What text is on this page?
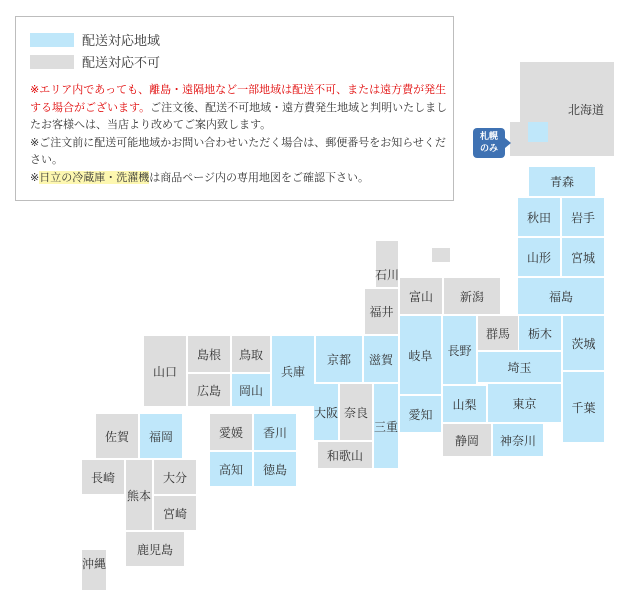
北海道
青森
秋田	岩手
山形	宮城
福島
石川
福井
富山	新潟
群馬	栃木
茨城
長野
岐阜
埼玉
山梨	東京	千葉
愛知
静岡	神奈川
京都	滋賀
兵庫
大阪 奈良
三重
和歌山
島根	鳥取
山口
広島	岡山
愛媛	香川
高知	徳島
佐賀	福岡
長崎	大分
熊本
宮崎
鹿児島
沖縄
札幌
のみ
配送対応地域
配送対応不可

※エリア内であっても、離島・遠隔地など一部地域は配送不可、または遠方費が発生する場合がございます。ご注文後、配送不可地域・遠方費発生地域と判明いたしましたお客様へは、当店より改めてご案内致します。

※ご注文前に配送可能地域かお問い合わせいただく場合は、郵便番号をお知らせください。

※日立の冷蔵庫・洗濯機は商品ページ内の専用地図をご確認下さい。
